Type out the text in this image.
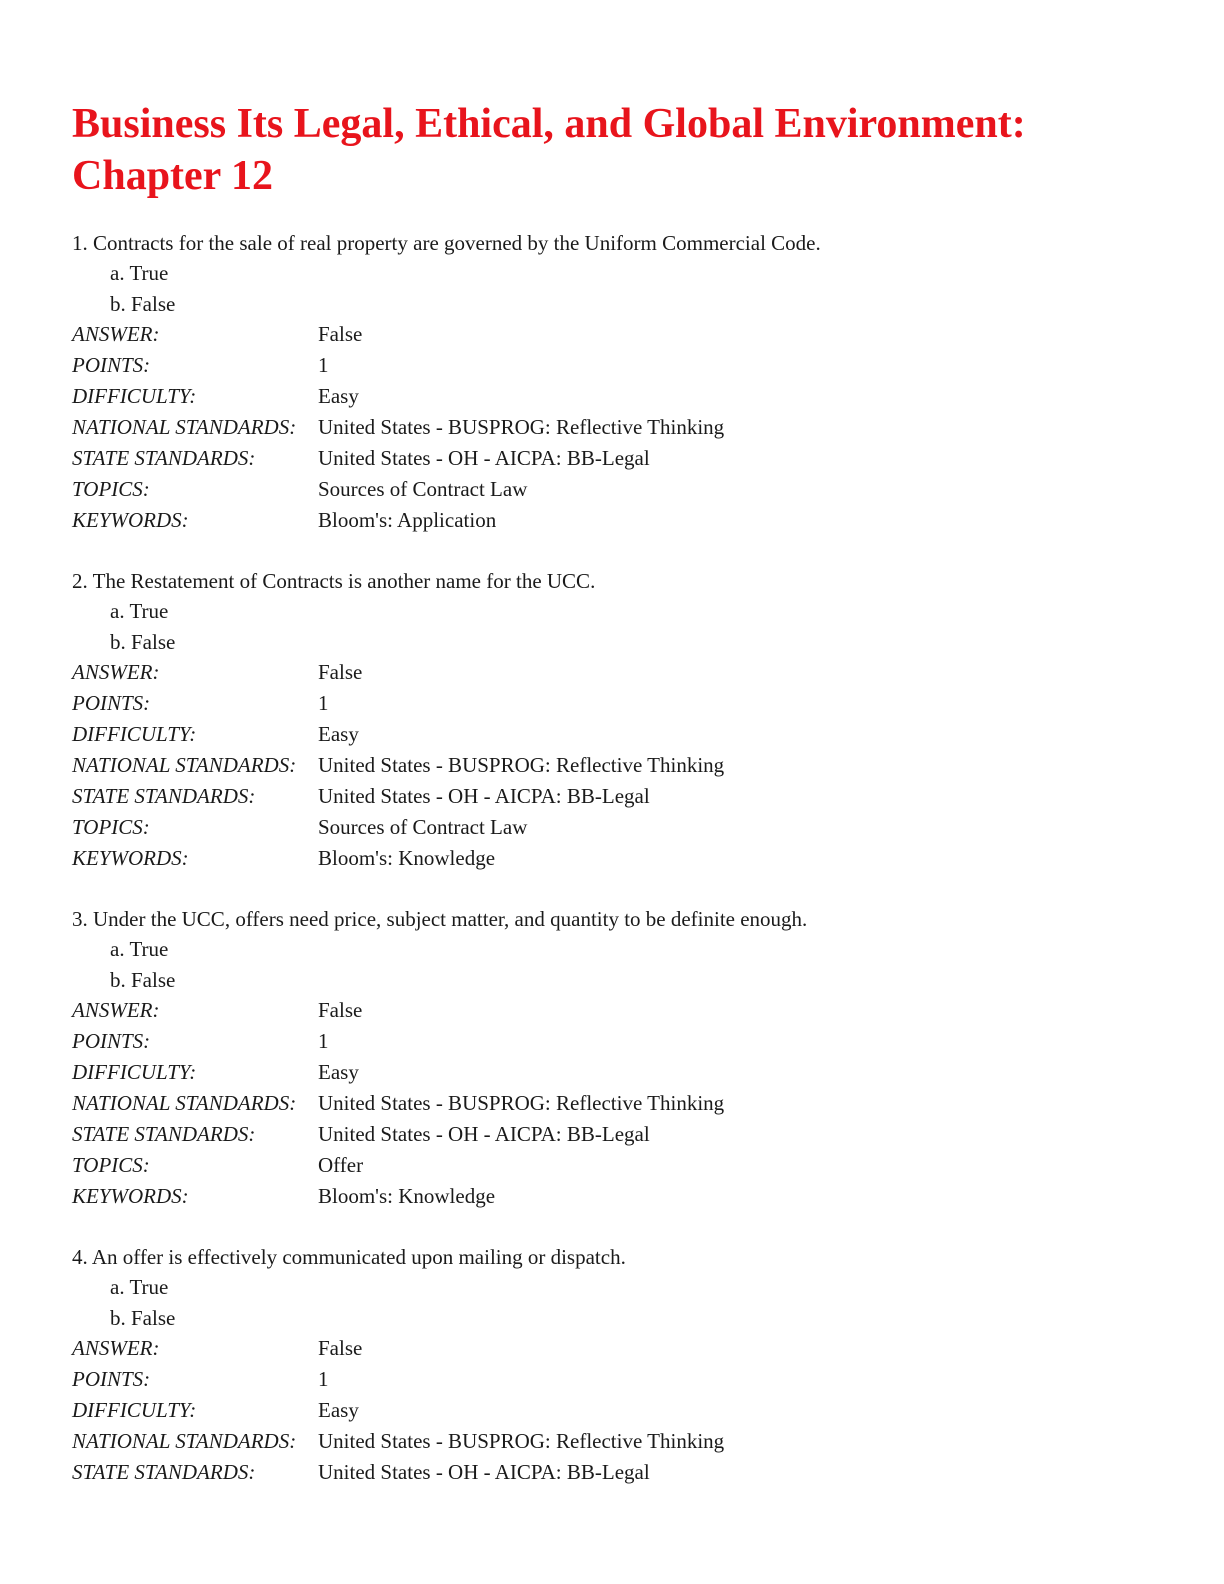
Business Its Legal, Ethical, and Global Environment: Chapter 12
1. Contracts for the sale of real property are governed by the Uniform Commercial Code.
a. True
b. False
ANSWER:	False
POINTS:	1
DIFFICULTY:	Easy
NATIONAL STANDARDS:	United States - BUSPROG: Reflective Thinking
STATE STANDARDS:	United States - OH - AICPA: BB-Legal
TOPICS:	Sources of Contract Law
KEYWORDS:	Bloom's: Application
2. The Restatement of Contracts is another name for the UCC.
a. True
b. False
ANSWER:	False
POINTS:	1
DIFFICULTY:	Easy
NATIONAL STANDARDS:	United States - BUSPROG: Reflective Thinking
STATE STANDARDS:	United States - OH - AICPA: BB-Legal
TOPICS:	Sources of Contract Law
KEYWORDS:	Bloom's: Knowledge
3. Under the UCC, offers need price, subject matter, and quantity to be definite enough.
a. True
b. False
ANSWER:	False
POINTS:	1
DIFFICULTY:	Easy
NATIONAL STANDARDS:	United States - BUSPROG: Reflective Thinking
STATE STANDARDS:	United States - OH - AICPA: BB-Legal
TOPICS:	Offer
KEYWORDS:	Bloom's: Knowledge
4. An offer is effectively communicated upon mailing or dispatch.
a. True
b. False
ANSWER:	False
POINTS:	1
DIFFICULTY:	Easy
NATIONAL STANDARDS:	United States - BUSPROG: Reflective Thinking
STATE STANDARDS:	United States - OH - AICPA: BB-Legal
